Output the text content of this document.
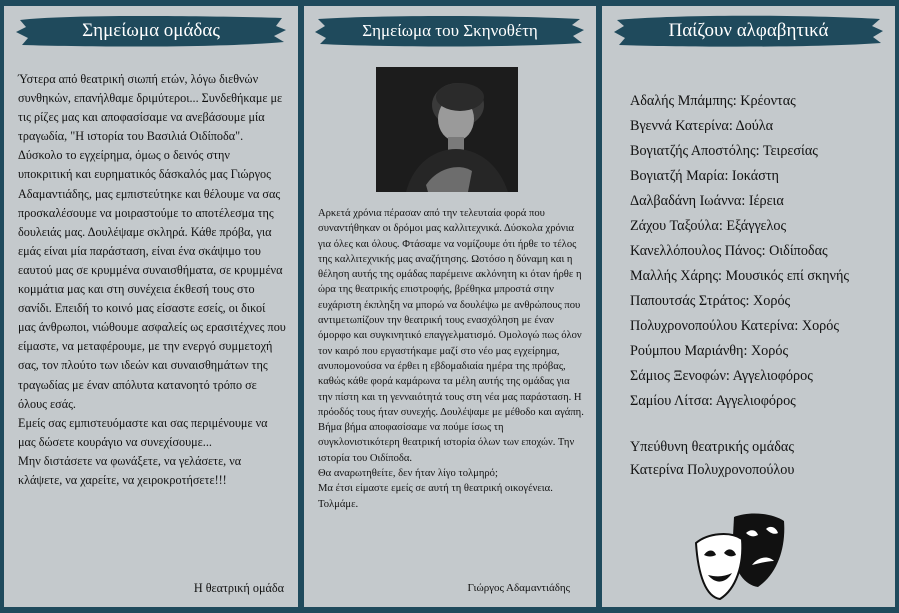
Σημείωμα ομάδας

Ύστερα από θεατρική σιωπή ετών, λόγω διεθνών συνθηκών, επανήλθαμε δριμύτεροι... Συνδεθήκαμε με τις ρίζες μας και αποφασίσαμε να ανεβάσουμε μία τραγωδία, "Η ιστορία του Βασιλιά Οιδίποδα". Δύσκολο το εγχείρημα, όμως ο δεινός στην υποκριτική και ευρηματικός δάσκαλός μας Γιώργος Αδαμαντιάδης, μας εμπιστεύτηκε και θέλουμε να σας προσκαλέσουμε να μοιραστούμε το αποτέλεσμα της δουλειάς μας. Δουλέψαμε σκληρά. Κάθε πρόβα, για εμάς είναι μία παράσταση, είναι ένα σκάψιμο του εαυτού μας σε κρυμμένα συναισθήματα, σε κρυμμένα κομμάτια μας και στη συνέχεια έκθεσή τους στο σανίδι. Επειδή το κοινό μας είσαστε εσείς, οι δικοί μας άνθρωποι, νιώθουμε ασφαλείς ως ερασιτέχνες που είμαστε, να μεταφέρουμε, με την ενεργό συμμετοχή σας, τον πλούτο των ιδεών και συναισθημάτων της τραγωδίας με έναν απόλυτα κατανοητό τρόπο σε όλους εσάς.

Εμείς σας εμπιστευόμαστε και σας περιμένουμε να μας δώσετε κουράγιο να συνεχίσουμε...

Μην διστάσετε να φωνάξετε, να γελάσετε, να κλάψετε, να χαρείτε, να χειροκροτήσετε!!!

Η θεατρική ομάδα
Σημείωμα του Σκηνοθέτη

Αρκετά χρόνια πέρασαν από την τελευταία φορά που συναντήθηκαν οι δρόμοι μας καλλιτεχνικά. Δύσκολα χρόνια για όλες και όλους. Φτάσαμε να νομίζουμε ότι ήρθε το τέλος της καλλιτεχνικής μας αναζήτησης. Ωστόσο η δύναμη και η θέληση αυτής της ομάδας παρέμεινε ακλόνητη κι όταν ήρθε η ώρα της θεατρικής επιστροφής, βρέθηκα μπροστά στην ευχάριστη έκπληξη να μπορώ να δουλέψω με ανθρώπους που αντιμετωπίζουν την θεατρική τους ενασχόληση με έναν όμορφο και συγκινητικό επαγγελματισμό. Ομολογώ πως όλον τον καιρό που εργαστήκαμε μαζί στο νέο μας εγχείρημα, ανυπομονούσα να έρθει η εβδομαδιαία ημέρα της πρόβας, καθώς κάθε φορά καμάρωνα τα μέλη αυτής της ομάδας για την πίστη και τη γενναιότητά τους στη νέα μας παράσταση. Η πρόοδός τους ήταν συνεχής. Δουλέψαμε με μέθοδο και αγάπη. Βήμα βήμα αποφασίσαμε να πούμε ίσως τη συγκλονιστικότερη θεατρική ιστορία όλων των εποχών. Την ιστορία του Οιδίποδα.

Θα αναρωτηθείτε, δεν ήταν λίγο τολμηρό;

Μα έτσι είμαστε εμείς σε αυτή τη θεατρική οικογένεια. Τολμάμε.

Γιώργος Αδαμαντιάδης
Παίζουν αλφαβητικά
Αδαλής Μπάμπης: Κρέοντας
Βγεννά Κατερίνα: Δούλα
Βογιατζής Αποστόλης: Τειρεσίας
Βογιατζή Μαρία: Ιοκάστη
Δαλβαδάνη Ιωάννα: Ιέρεια
Ζάχου Ταξούλα: Εξάγγελος
Κανελλόπουλος Πάνος: Οιδίποδας
Μαλλής Χάρης: Μουσικός επί σκηνής
Παπουτσάς Στράτος: Χορός
Πολυχρονοπούλου Κατερίνα: Χορός
Ρούμπου Μαριάνθη: Χορός
Σάμιος Ξενοφών: Αγγελιοφόρος
Σαμίου Λίτσα: Αγγελιοφόρος
Υπεύθυνη θεατρικής ομάδας
Κατερίνα Πολυχρονοπούλου
